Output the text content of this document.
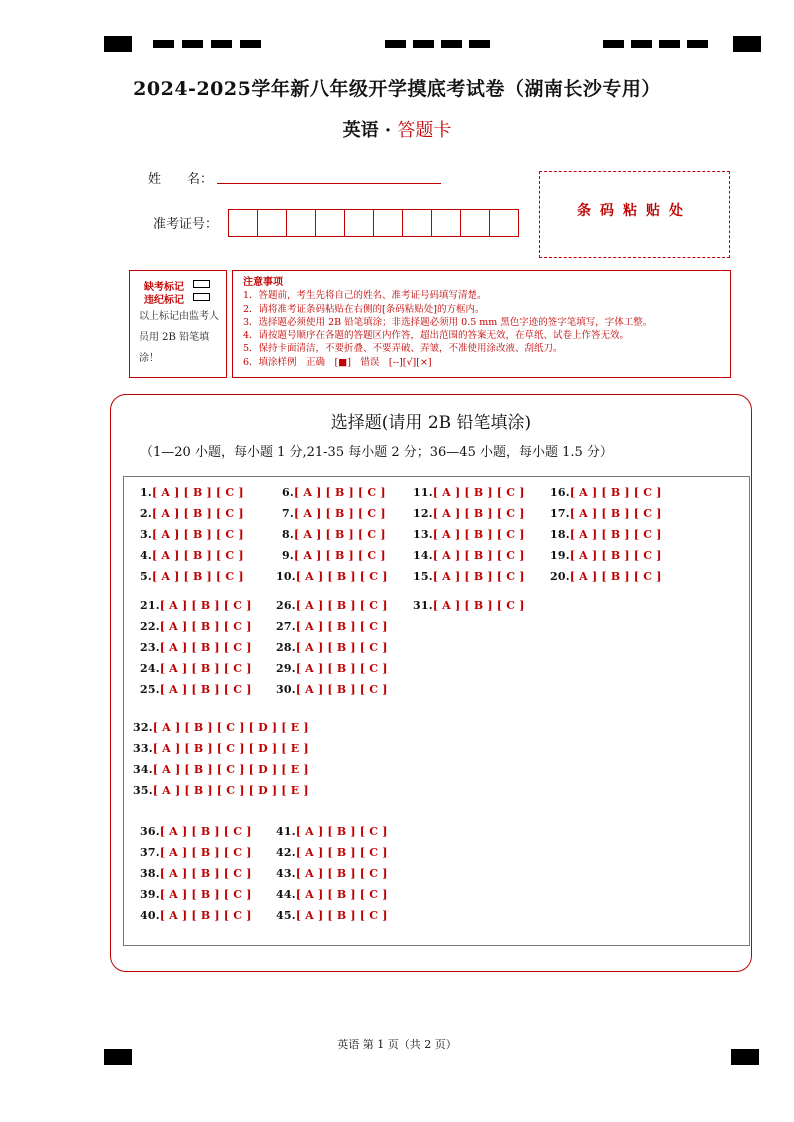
2024-2025学年新八年级开学摸底考试卷（湖南长沙专用）
英语 · 答题卡
姓　　名：
准考证号：
条码粘贴处
缺考标记
违纪标记
以上标记由监考人员用 2B 铅笔填涂！
注意事项
1．答题前，考生先将自己的姓名、准考证号码填写清楚。
2．请将准考证条码粘贴在右侧的[条码粘贴处]的方框内。
3．选择题必须使用 2B 铅笔填涂；非选择题必须用 0.5 mm 黑色字迹的签字笔填写，字体工整。
4．请按题号顺序在各题的答题区内作答，超出范围的答案无效，在草纸、试卷上作答无效。
5．保持卡面清洁，不要折叠、不要弄破、弄皱，不准使用涂改液、刮纸刀。
6．填涂样例　正确　[■]　错误　[--][√][×]
选择题(请用 2B 铅笔填涂)
（1—20 小题，每小题 1 分,21-35 每小题 2 分；36—45 小题，每小题 1.5 分）
1.[ A ] [ B ] [ C ]
2.[ A ] [ B ] [ C ]
3.[ A ] [ B ] [ C ]
4.[ A ] [ B ] [ C ]
5.[ A ] [ B ] [ C ]
6.[ A ] [ B ] [ C ]
7.[ A ] [ B ] [ C ]
8.[ A ] [ B ] [ C ]
9.[ A ] [ B ] [ C ]
10.[ A ] [ B ] [ C ]
11.[ A ] [ B ] [ C ]
12.[ A ] [ B ] [ C ]
13.[ A ] [ B ] [ C ]
14.[ A ] [ B ] [ C ]
15.[ A ] [ B ] [ C ]
16.[ A ] [ B ] [ C ]
17.[ A ] [ B ] [ C ]
18.[ A ] [ B ] [ C ]
19.[ A ] [ B ] [ C ]
20.[ A ] [ B ] [ C ]
21.[ A ] [ B ] [ C ]
22.[ A ] [ B ] [ C ]
23.[ A ] [ B ] [ C ]
24.[ A ] [ B ] [ C ]
25.[ A ] [ B ] [ C ]
26.[ A ] [ B ] [ C ]
27.[ A ] [ B ] [ C ]
28.[ A ] [ B ] [ C ]
29.[ A ] [ B ] [ C ]
30.[ A ] [ B ] [ C ]
31.[ A ] [ B ] [ C ]
32.[ A ] [ B ] [ C ] [ D ] [ E ]
33.[ A ] [ B ] [ C ] [ D ] [ E ]
34.[ A ] [ B ] [ C ] [ D ] [ E ]
35.[ A ] [ B ] [ C ] [ D ] [ E ]
36.[ A ] [ B ] [ C ]
37.[ A ] [ B ] [ C ]
38.[ A ] [ B ] [ C ]
39.[ A ] [ B ] [ C ]
40.[ A ] [ B ] [ C ]
41.[ A ] [ B ] [ C ]
42.[ A ] [ B ] [ C ]
43.[ A ] [ B ] [ C ]
44.[ A ] [ B ] [ C ]
45.[ A ] [ B ] [ C ]
英语 第 1 页（共 2 页）
